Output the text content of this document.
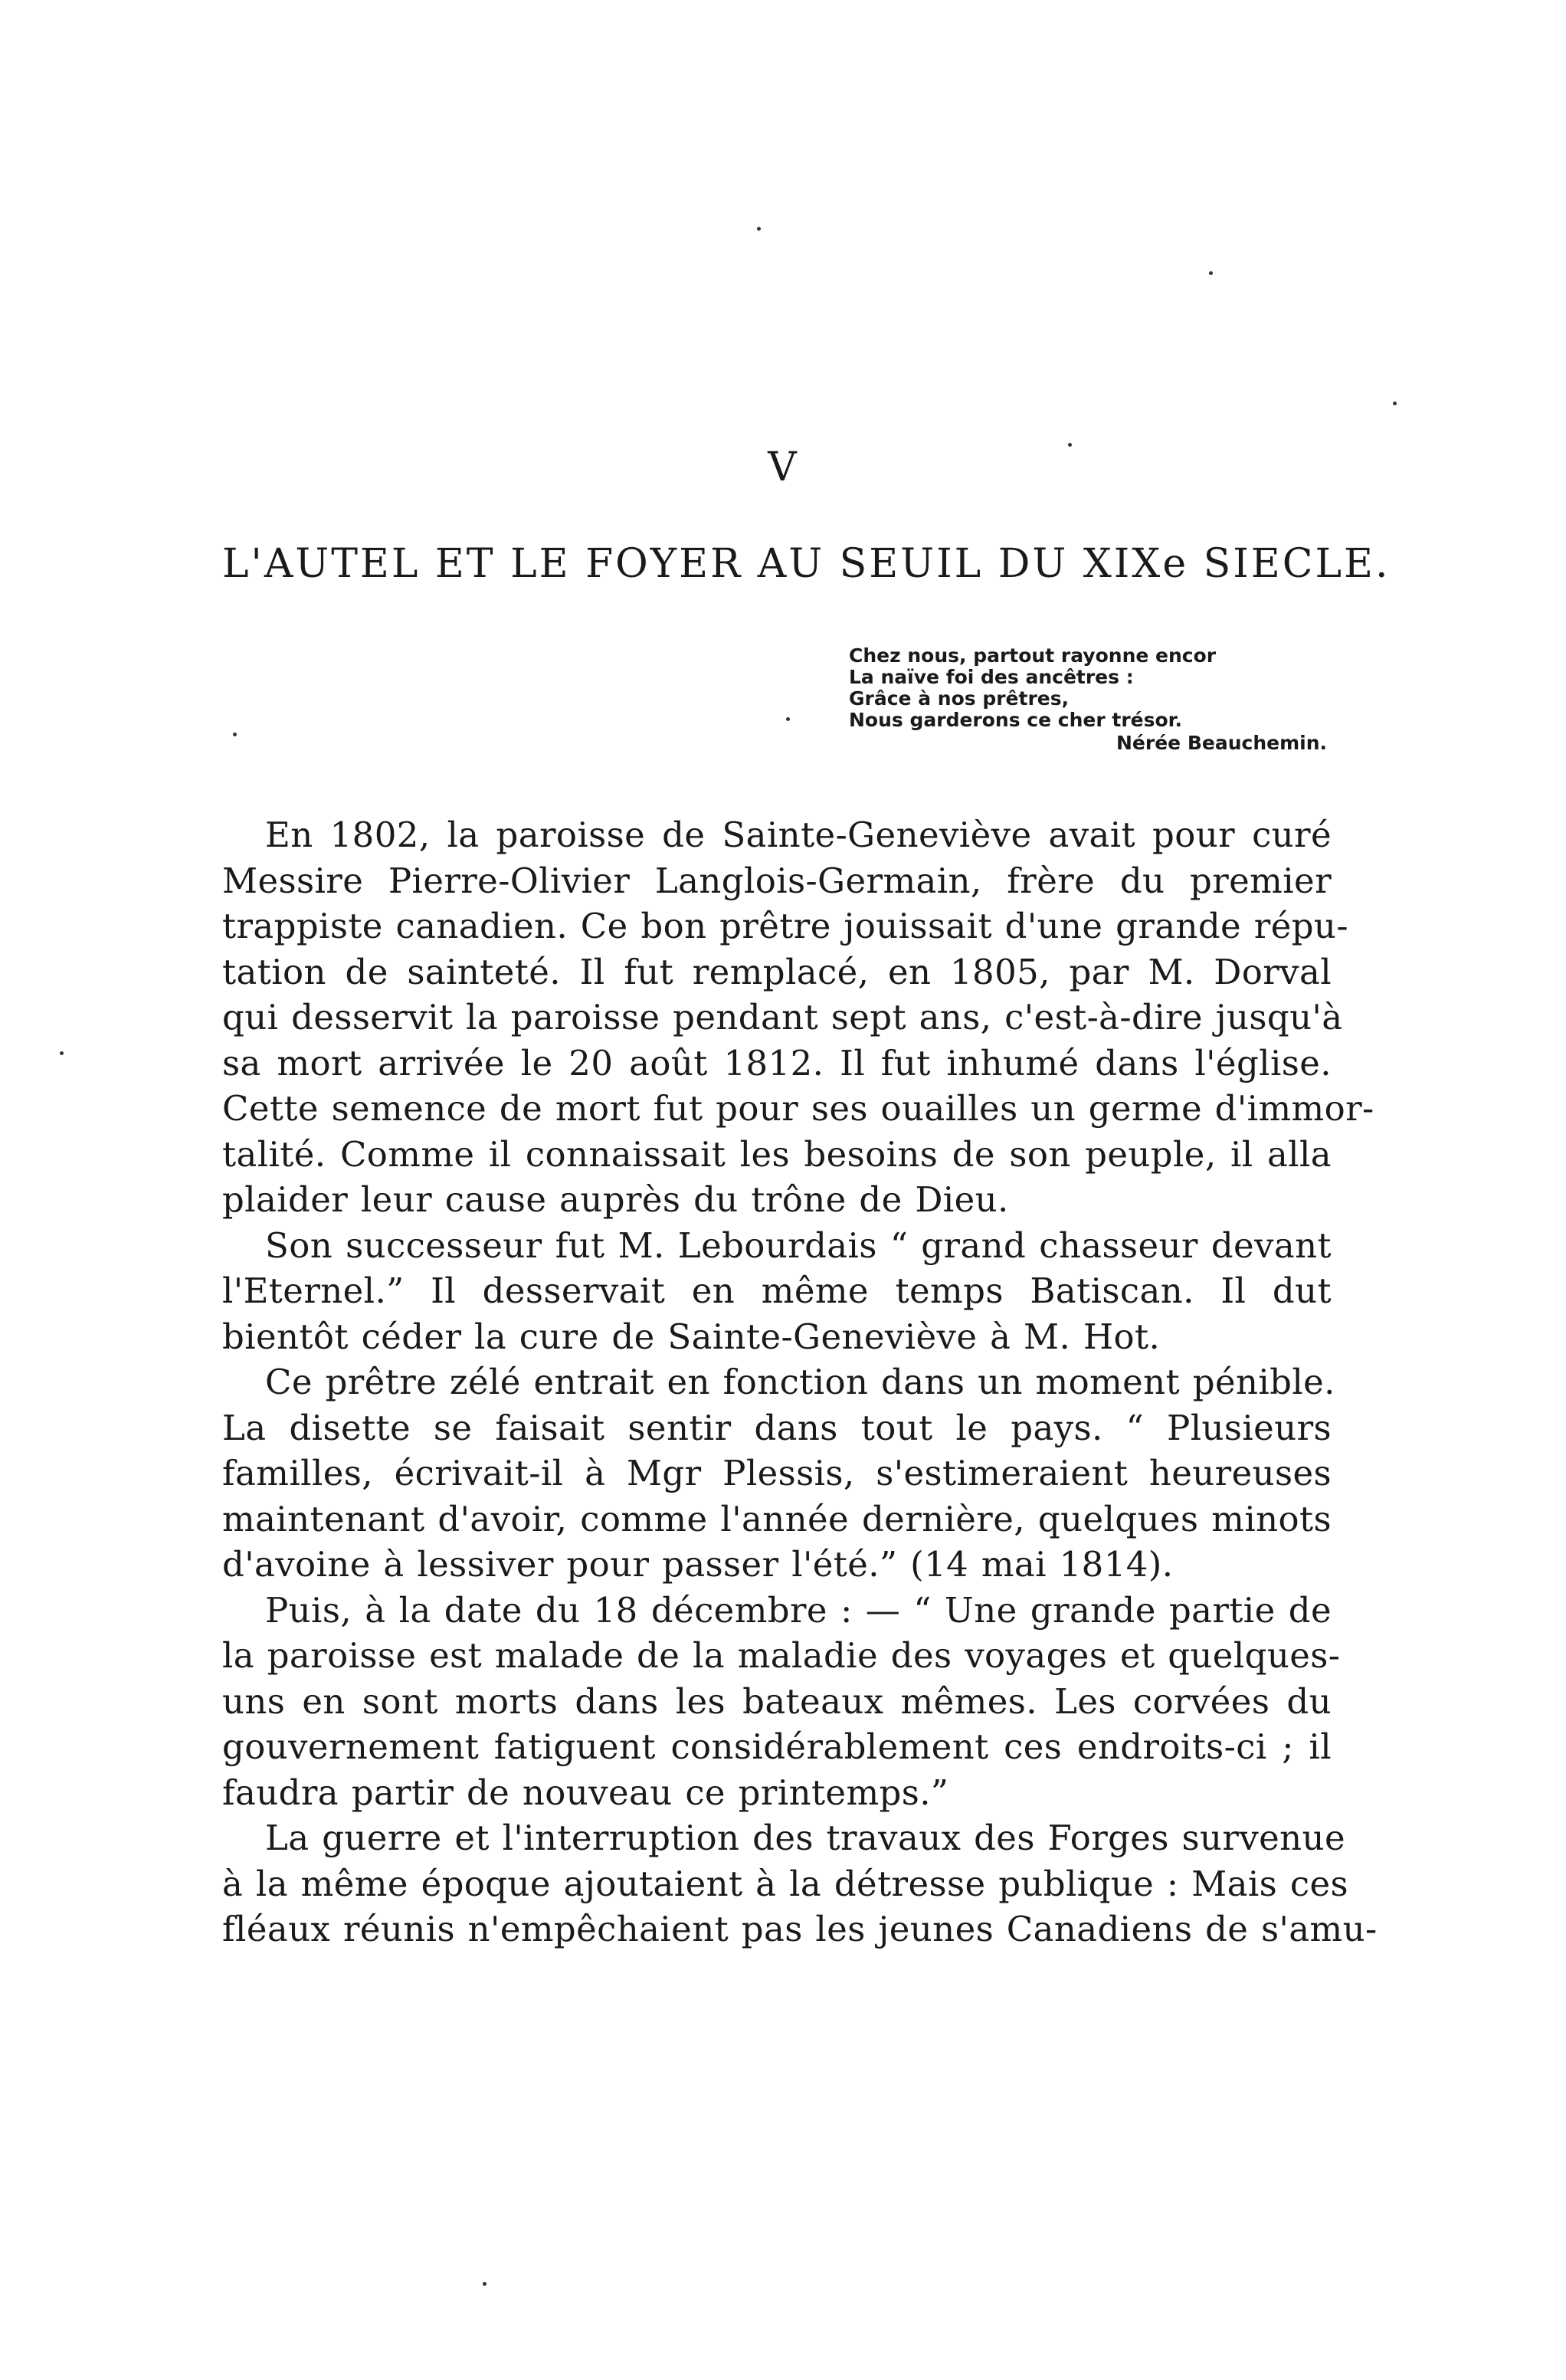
V
L'AUTEL ET LE FOYER AU SEUIL DU XIXe SIECLE.
Chez nous, partout rayonne encor
La naïve foi des ancêtres :
Grâce à nos prêtres,
Nous garderons ce cher trésor.
Nérée Beauchemin.
En 1802, la paroisse de Sainte-Geneviève avait pour curé
Messire Pierre-Olivier Langlois-Germain, frère du premier
trappiste canadien. Ce bon prêtre jouissait d'une grande répu-
tation de sainteté. Il fut remplacé, en 1805, par M. Dorval
qui desservit la paroisse pendant sept ans, c'est-à-dire jusqu'à
sa mort arrivée le 20 août 1812. Il fut inhumé dans l'église.
Cette semence de mort fut pour ses ouailles un germe d'immor-
talité. Comme il connaissait les besoins de son peuple, il alla
plaider leur cause auprès du trône de Dieu.
Son successeur fut M. Lebourdais “ grand chasseur devant
l'Eternel.” Il desservait en même temps Batiscan. Il dut
bientôt céder la cure de Sainte-Geneviève à M. Hot.
Ce prêtre zélé entrait en fonction dans un moment pénible.
La disette se faisait sentir dans tout le pays. “ Plusieurs
familles, écrivait-il à Mgr Plessis, s'estimeraient heureuses
maintenant d'avoir, comme l'année dernière, quelques minots
d'avoine à lessiver pour passer l'été.” (14 mai 1814).
Puis, à la date du 18 décembre : — “ Une grande partie de
la paroisse est malade de la maladie des voyages et quelques-
uns en sont morts dans les bateaux mêmes. Les corvées du
gouvernement fatiguent considérablement ces endroits-ci ; il
faudra partir de nouveau ce printemps.”
La guerre et l'interruption des travaux des Forges survenue
à la même époque ajoutaient à la détresse publique : Mais ces
fléaux réunis n'empêchaient pas les jeunes Canadiens de s'amu-
